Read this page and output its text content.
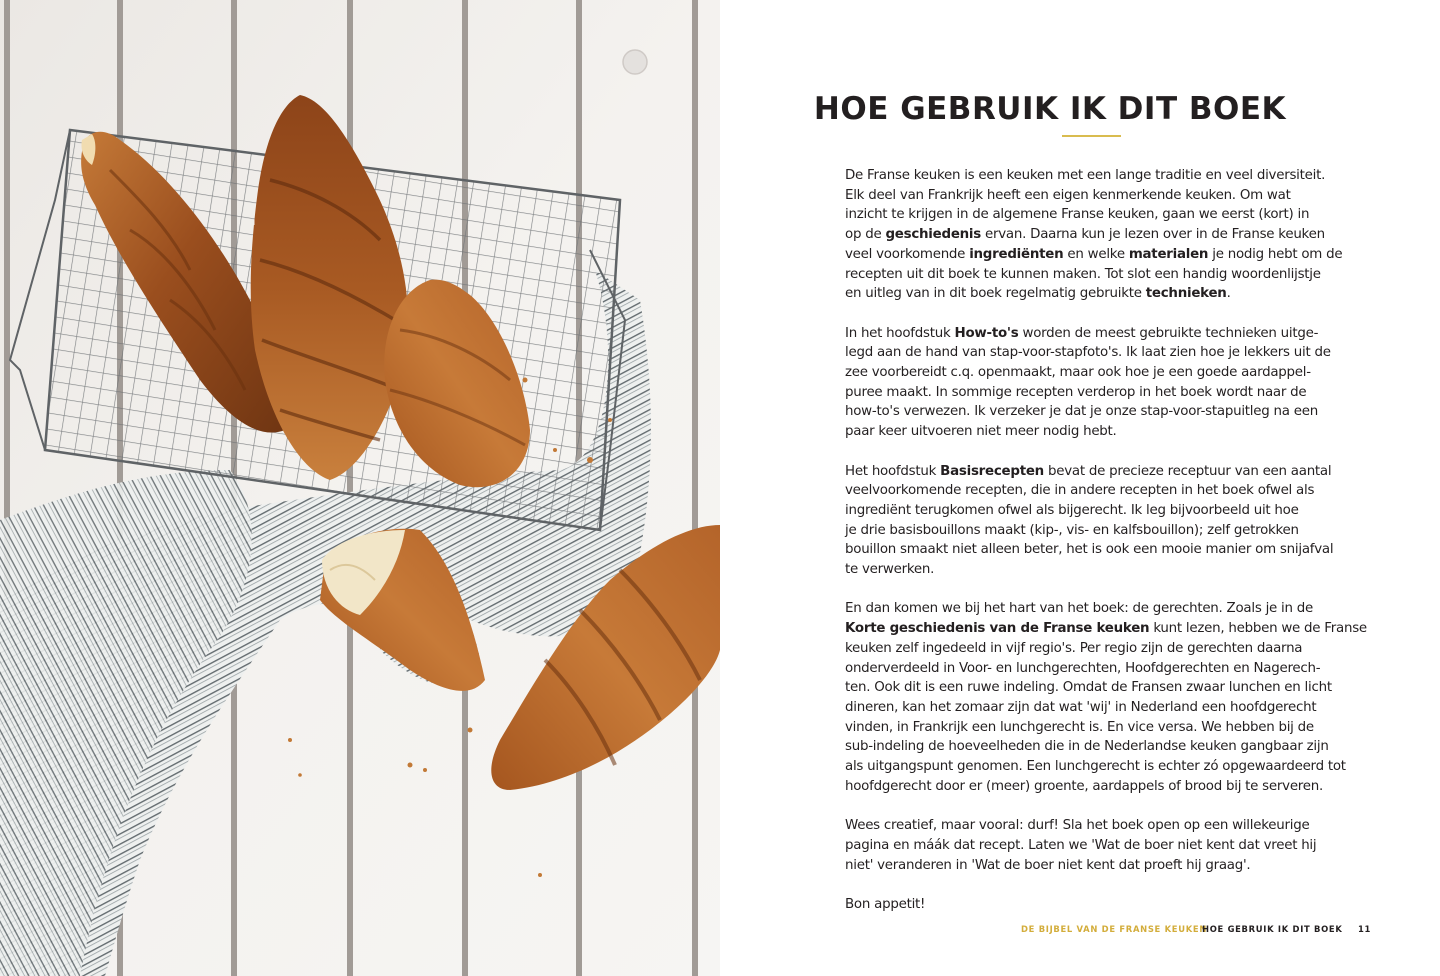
HOE GEBRUIK IK DIT BOEK

De Franse keuken is een keuken met een lange traditie en veel diversiteit.
Elk deel van Frankrijk heeft een eigen kenmerkende keuken. Om wat
inzicht te krijgen in de algemene Franse keuken, gaan we eerst (kort) in
op de geschiedenis ervan. Daarna kun je lezen over in de Franse keuken
veel voorkomende ingrediënten en welke materialen je nodig hebt om de
recepten uit dit boek te kunnen maken. Tot slot een handig woordenlijstje
en uitleg van in dit boek regelmatig gebruikte technieken.

In het hoofdstuk How-to's worden de meest gebruikte technieken uitge-
legd aan de hand van stap-voor-stapfoto's. Ik laat zien hoe je lekkers uit de
zee voorbereidt c.q. openmaakt, maar ook hoe je een goede aardappel-
puree maakt. In sommige recepten verderop in het boek wordt naar de
how-to's verwezen. Ik verzeker je dat je onze stap-voor-stapuitleg na een
paar keer uitvoeren niet meer nodig hebt.

Het hoofdstuk Basisrecepten bevat de precieze receptuur van een aantal
veelvoorkomende recepten, die in andere recepten in het boek ofwel als
ingrediënt terugkomen ofwel als bijgerecht. Ik leg bijvoorbeeld uit hoe
je drie basisbouillons maakt (kip-, vis- en kalfsbouillon); zelf getrokken
bouillon smaakt niet alleen beter, het is ook een mooie manier om snijafval
te verwerken.

En dan komen we bij het hart van het boek: de gerechten. Zoals je in de
Korte geschiedenis van de Franse keuken kunt lezen, hebben we de Franse
keuken zelf ingedeeld in vijf regio's. Per regio zijn de gerechten daarna
onderverdeeld in Voor- en lunchgerechten, Hoofdgerechten en Nagerech-
ten. Ook dit is een ruwe indeling. Omdat de Fransen zwaar lunchen en licht
dineren, kan het zomaar zijn dat wat 'wij' in Nederland een hoofdgerecht
vinden, in Frankrijk een lunchgerecht is. En vice versa. We hebben bij de
sub-indeling de hoeveelheden die in de Nederlandse keuken gangbaar zijn
als uitgangspunt genomen. Een lunchgerecht is echter zó opgewaardeerd tot
hoofdgerecht door er (meer) groente, aardappels of brood bij te serveren.

Wees creatief, maar vooral: durf! Sla het boek open op een willekeurige
pagina en máák dat recept. Laten we 'Wat de boer niet kent dat vreet hij
niet' veranderen in 'Wat de boer niet kent dat proeft hij graag'.

Bon appetit!

DE BIJBEL VAN DE FRANSE KEUKEN
HOE GEBRUIK IK DIT BOEK 11
